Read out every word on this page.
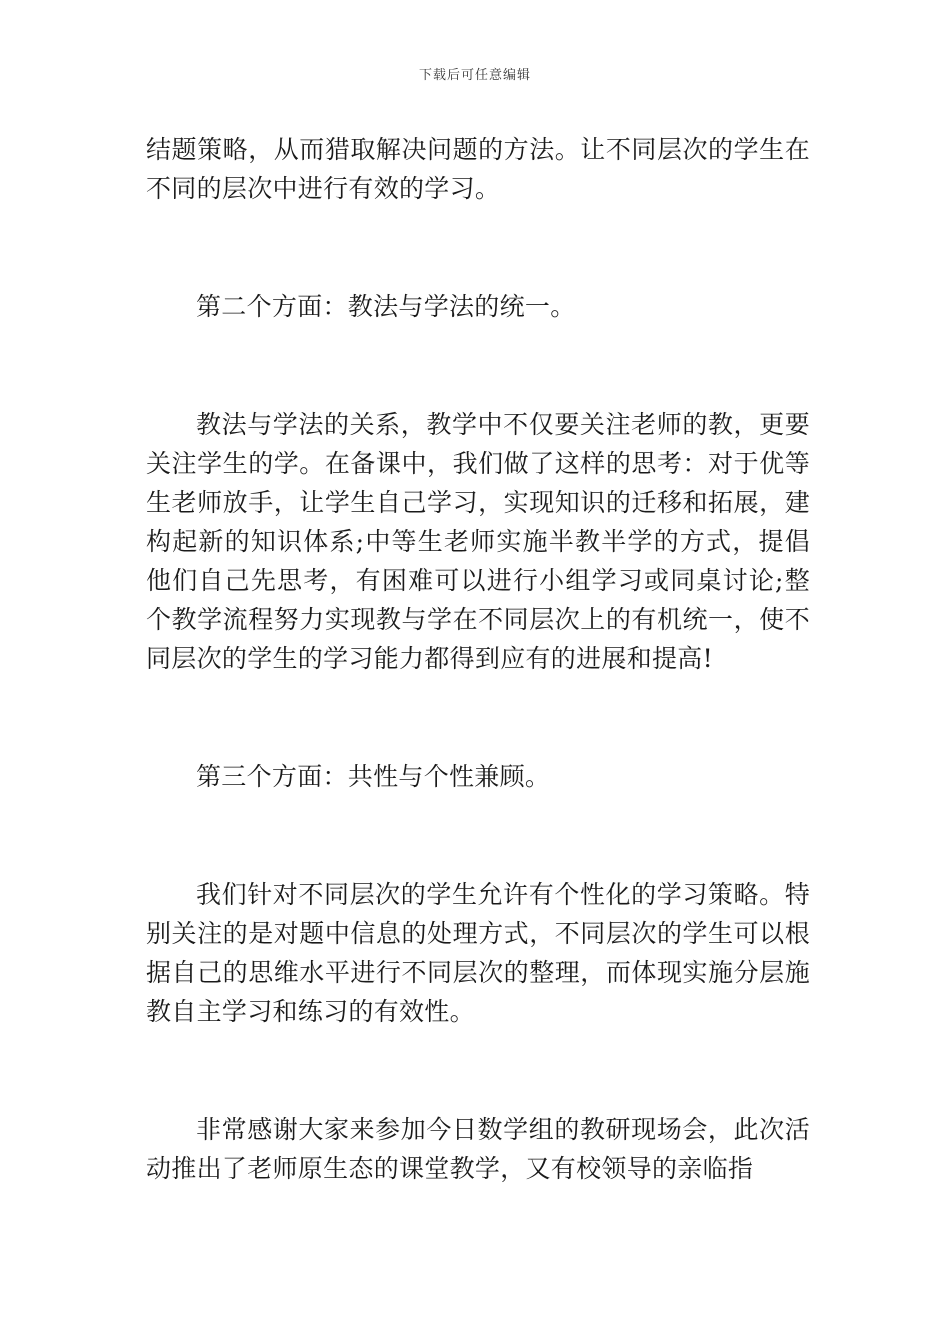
下载后可任意编辑

结题策略，从而猎取解决问题的方法。让不同层次的学生在不同的层次中进行有效的学习。

第二个方面：教法与学法的统一。

教法与学法的关系，教学中不仅要关注老师的教，更要关注学生的学。在备课中，我们做了这样的思考：对于优等生老师放手，让学生自己学习，实现知识的迁移和拓展，建构起新的知识体系;中等生老师实施半教半学的方式，提倡他们自己先思考，有困难可以进行小组学习或同桌讨论;整个教学流程努力实现教与学在不同层次上的有机统一，使不同层次的学生的学习能力都得到应有的进展和提高!

第三个方面：共性与个性兼顾。

我们针对不同层次的学生允许有个性化的学习策略。特别关注的是对题中信息的处理方式，不同层次的学生可以根据自己的思维水平进行不同层次的整理，而体现实施分层施教自主学习和练习的有效性。

非常感谢大家来参加今日数学组的教研现场会，此次活动推出了老师原生态的课堂教学，又有校领导的亲临指
